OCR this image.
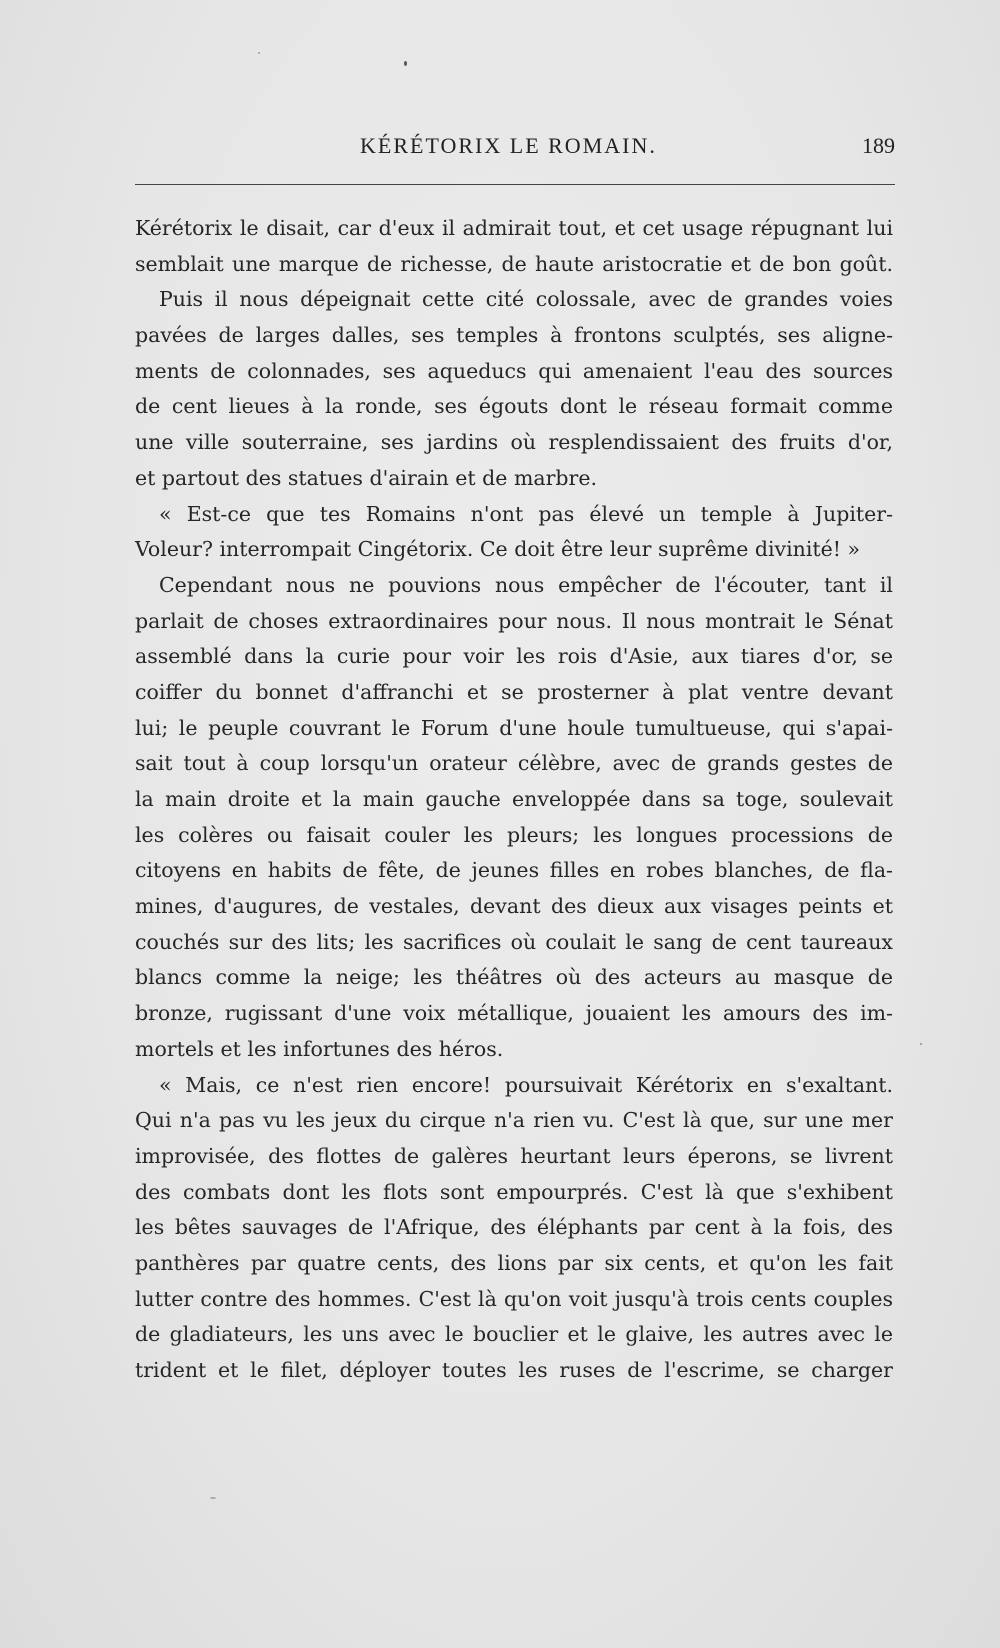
KÉRÉTORIX LE ROMAIN.	189
Kérétorix le disait, car d'eux il admirait tout, et cet usage répugnant lui
semblait une marque de richesse, de haute aristocratie et de bon goût.
Puis il nous dépeignait cette cité colossale, avec de grandes voies
pavées de larges dalles, ses temples à frontons sculptés, ses aligne-
ments de colonnades, ses aqueducs qui amenaient l'eau des sources
de cent lieues à la ronde, ses égouts dont le réseau formait comme
une ville souterraine, ses jardins où resplendissaient des fruits d'or,
et partout des statues d'airain et de marbre.
« Est-ce que tes Romains n'ont pas élevé un temple à Jupiter-
Voleur? interrompait Cingétorix. Ce doit être leur suprême divinité! »
Cependant nous ne pouvions nous empêcher de l'écouter, tant il
parlait de choses extraordinaires pour nous. Il nous montrait le Sénat
assemblé dans la curie pour voir les rois d'Asie, aux tiares d'or, se
coiffer du bonnet d'affranchi et se prosterner à plat ventre devant
lui; le peuple couvrant le Forum d'une houle tumultueuse, qui s'apai-
sait tout à coup lorsqu'un orateur célèbre, avec de grands gestes de
la main droite et la main gauche enveloppée dans sa toge, soulevait
les colères ou faisait couler les pleurs; les longues processions de
citoyens en habits de fête, de jeunes filles en robes blanches, de fla-
mines, d'augures, de vestales, devant des dieux aux visages peints et
couchés sur des lits; les sacrifices où coulait le sang de cent taureaux
blancs comme la neige; les théâtres où des acteurs au masque de
bronze, rugissant d'une voix métallique, jouaient les amours des im-
mortels et les infortunes des héros.
« Mais, ce n'est rien encore! poursuivait Kérétorix en s'exaltant.
Qui n'a pas vu les jeux du cirque n'a rien vu. C'est là que, sur une mer
improvisée, des flottes de galères heurtant leurs éperons, se livrent
des combats dont les flots sont empourprés. C'est là que s'exhibent
les bêtes sauvages de l'Afrique, des éléphants par cent à la fois, des
panthères par quatre cents, des lions par six cents, et qu'on les fait
lutter contre des hommes. C'est là qu'on voit jusqu'à trois cents couples
de gladiateurs, les uns avec le bouclier et le glaive, les autres avec le
trident et le filet, déployer toutes les ruses de l'escrime, se charger
